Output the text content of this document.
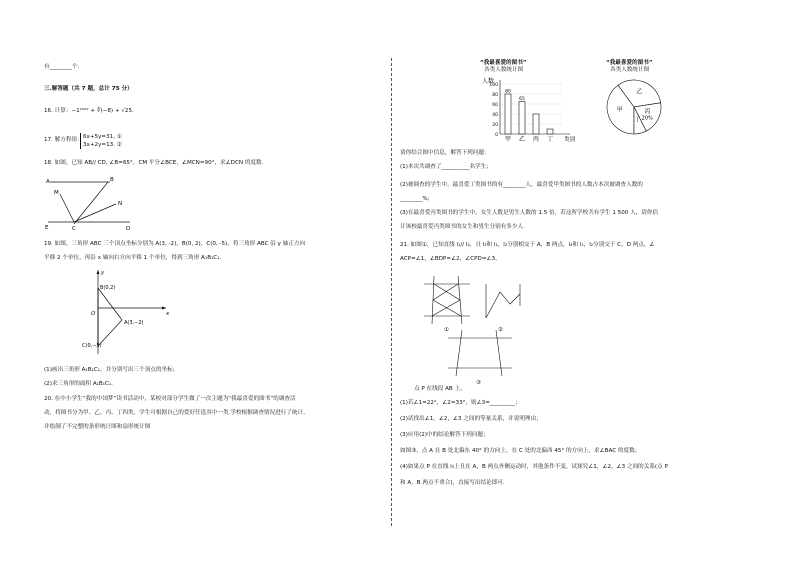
有________个.
三.解答题（共 7 题，总计 75 分）
16. 计算：−1²⁰²² + ∛(−8) + √25.
17. 解方程组： 6x+5y=31, ①
3x+2y=13. ②
18. 如图，已知 AB// CD, ∠B=65°，CM 平分∠BCE，∠MCN=90°，求∠DCN 的度数.
A	B
M
N
E	C	D
19. 如图，三角形 ABC 三个顶点坐标分别为 A(3, -2)，B(0, 2)，C(0, -5)，将三角形 ABC 沿 y 轴正方向
平移 2 个单位，再沿 x 轴向右方向平移 1 个单位，得到三角形 A₁B₁C₁.
y
x
O
B(0,2)
A(3,−2)
C(0,−5)
(1)画出三角形 A₁B₁C₁，并分别写出三个顶点的坐标；
(2)求三角形的面积 A₁B₁C₁.
20. 在中小学生“我的中国梦”读书活动中，某校对部分学生做了一次主题为“我最喜爱的图书”的调查活
动，将图书分为甲、乙、丙、丁四类，学生可根据自己的爱好任选其中一类.学校根据调查情况进行了统计，
并绘制了不完整的条形统计图和扇形统计图
“我最喜爱的图书”
各类人数统计图
“我最喜爱的图书”
各类人数统计图
人数
100
80
60
40
20
0
80
甲
65
乙 丙 丁 类别
甲
乙
丙
20%
丁
请你结合图中信息，解答下列问题：
(1)本次共调查了__________名学生；
(2)被调查的学生中，最喜爱丁类图书的有________人，最喜爱甲类图书的人数占本次被调查人数的
________%;
(3)在最喜爱丙类图书的学生中，女生人数是男生人数的 1.5 倍，若这所学校共有学生 1 500 人，请你估
计该校最喜爱丙类图书的女生和男生分别有多少人.
21. 如图①，已知直线 l₁// l₂，且 l₃和 l₁，l₂分别相交于 A，B 两点，l₄和 l₁，l₂分别交于 C，D 两点，∠
ACP=∠1，∠BDP=∠2，∠CPD=∠3，
①	②
③
点 P 在线段 AB 上，
(1)若∠1=22°，∠2=33°，则∠3=_________；
(2)试找出∠1，∠2，∠3 之间的等量关系，并说明理由；
(3)应用(2)中的结论解答下列问题；
如图③，点 A 在 B 处北偏东 40° 的方向上，在 C 处的北偏西 45° 的方向上，求∠BAC 的度数；
(4)如果点 P 在直线 l₃上且在 A，B 两点外侧运动时，其他条件不变，试探究∠1，∠2，∠3 之间的关系(点 P
和 A，B 两点不重合)，直接写出结论即可.
